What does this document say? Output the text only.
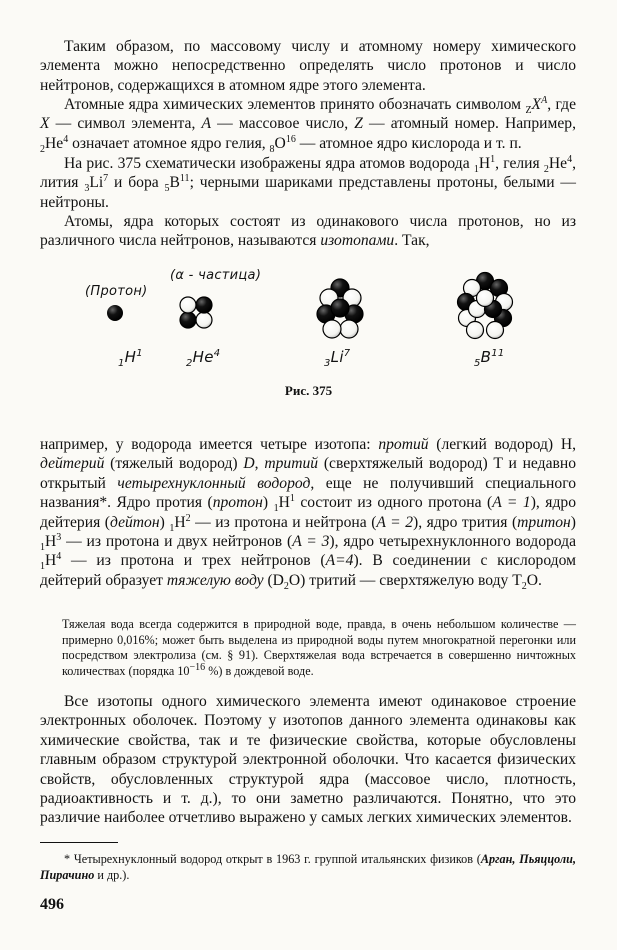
Таким образом, по массовому числу и атомному номеру химического элемента можно непосредственно определять число протонов и число нейтронов, содержащихся в атомном ядре этого элемента.

Атомные ядра химических элементов принято обозначать символом $_ZX^A$, где X — символ элемента, A — массовое число, Z — атомный номер. Например, $_2He^4$ означает атомное ядро гелия, $_8O^{16}$ — атомное ядро кислорода и т. п.

На рис. 375 схематически изображены ядра атомов водорода $_1H^1$, гелия $_2He^4$, лития $_3Li^7$ и бора $_5B^{11}$; черными шариками представлены протоны, белыми — нейтроны.

Атомы, ядра которых состоят из одинакового числа протонов, но из различного числа нейтронов, называются изотопами. Так,

(Протон)
(α - частица)
$_1H^1$
$_2He^4$
$_3Li^7$
$_5B^{11}$
Рис. 375

например, у водорода имеется четыре изотопа: протий (легкий водород) H, дейтерий (тяжелый водород) D, тритий (сверхтяжелый водород) T и недавно открытый четырехнуклонный водород, еще не получивший специального названия*. Ядро протия (протон) $_1H^1$ состоит из одного протона (A = 1), ядро дейтерия (дейтон) $_1H^2$ — из протона и нейтрона (A = 2), ядро трития (тритон) $_1H^3$ — из протона и двух нейтронов (A = 3), ядро четырехнуклонного водорода $_1H^4$ — из протона и трех нейтронов (A=4). В соединении с кислородом дейтерий образует тяжелую воду $(D_2O)$ тритий — сверхтяжелую воду $T_2O$.

Тяжелая вода всегда содержится в природной воде, правда, в очень небольшом количестве — примерно 0,016%; может быть выделена из природной воды путем многократной перегонки или посредством электролиза (см. § 91). Сверхтяжелая вода встречается в совершенно ничтожных количествах (порядка $10^{-16}$ %) в дождевой воде.

Все изотопы одного химического элемента имеют одинаковое строение электронных оболочек. Поэтому у изотопов данного элемента одинаковы как химические свойства, так и те физические свойства, которые обусловлены главным образом структурой электронной оболочки. Что касается физических свойств, обусловленных структурой ядра (массовое число, плотность, радиоактивность и т. д.), то они заметно различаются. Понятно, что это различие наиболее отчетливо выражено у самых легких химических элементов.

* Четырехнуклонный водород открыт в 1963 г. группой итальянских физиков (Арган, Пьяццоли, Пирачино и др.).

496
